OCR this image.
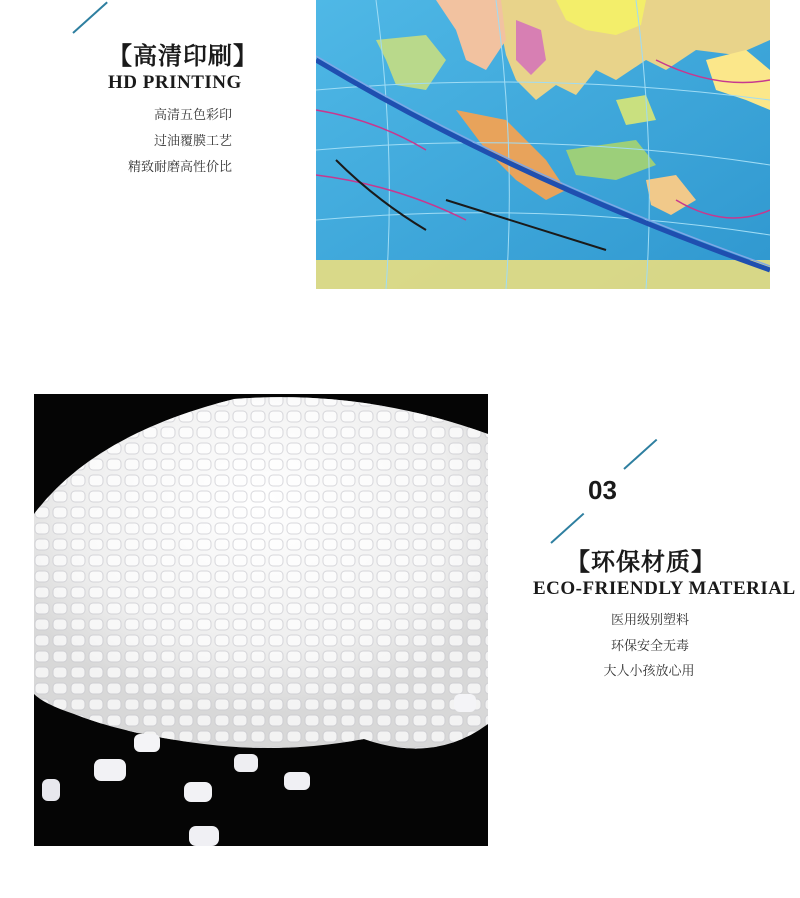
【高清印刷】
HD PRINTING
高清五色彩印
过油覆膜工艺
精致耐磨高性价比
03
【环保材质】
ECO-FRIENDLY MATERIAL
医用级别塑料
环保安全无毒
大人小孩放心用
